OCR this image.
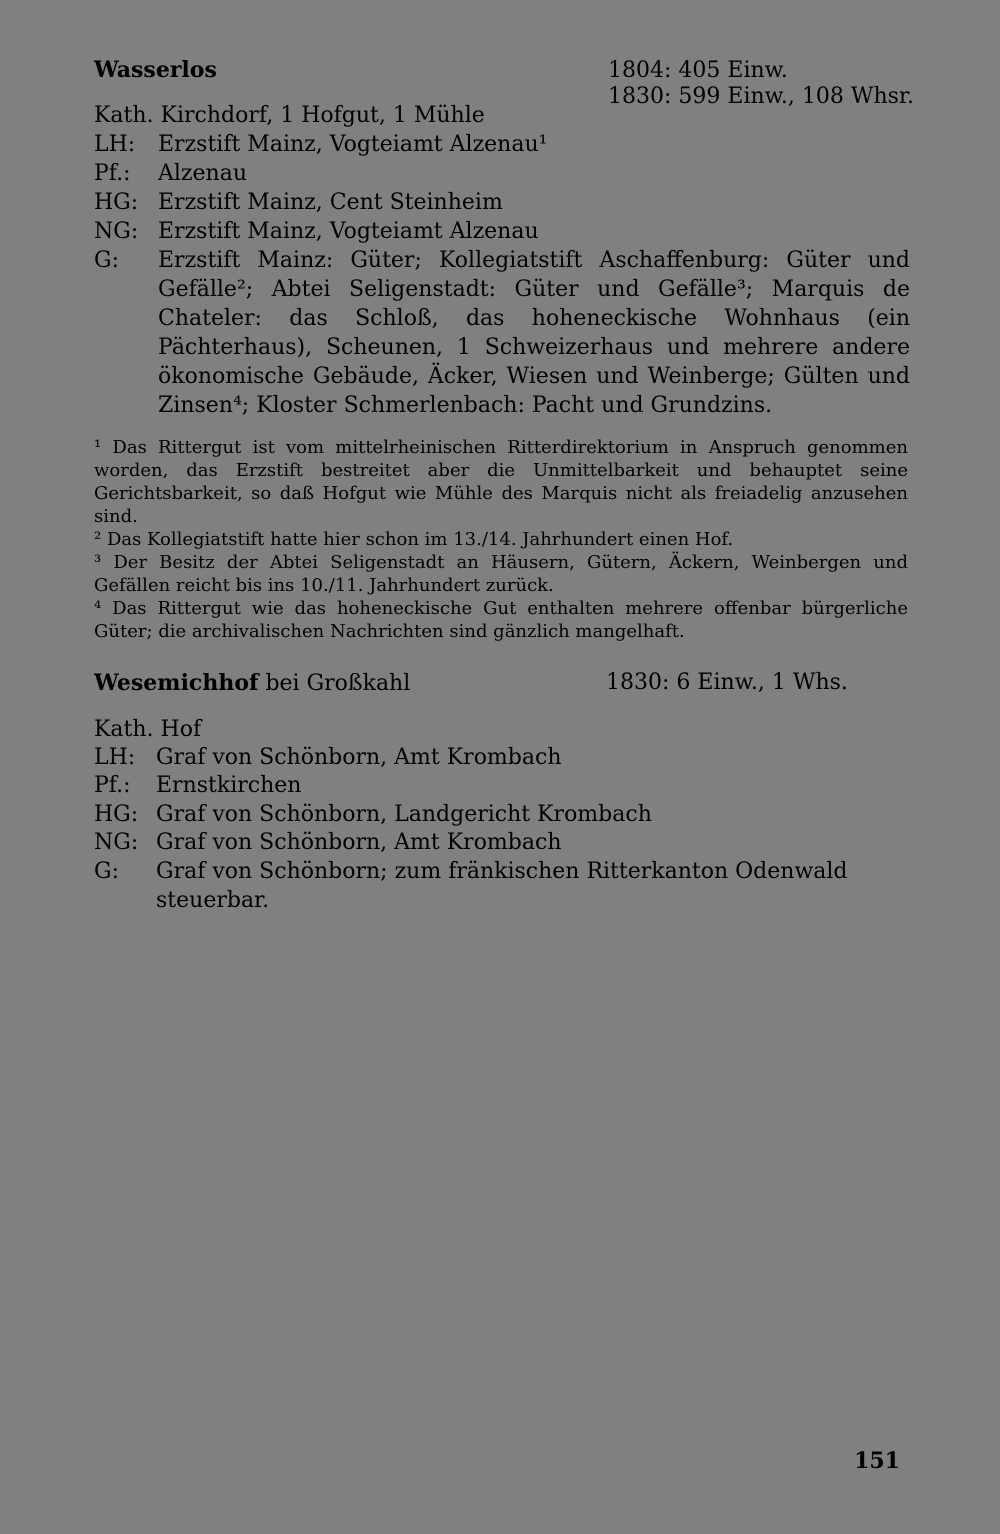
Wasserlos	1804: 405 Einw.
1830: 599 Einw., 108 Whsr.
Kath. Kirchdorf, 1 Hofgut, 1 Mühle
LH: Erzstift Mainz, Vogteiamt Alzenau¹
Pf.: Alzenau
HG: Erzstift Mainz, Cent Steinheim
NG: Erzstift Mainz, Vogteiamt Alzenau
G: Erzstift Mainz: Güter; Kollegiatstift Aschaffenburg: Güter und Gefälle²; Abtei Seligenstadt: Güter und Gefälle³; Marquis de Chateler: das Schloß, das hoheneckische Wohnhaus (ein Pächterhaus), Scheunen, 1 Schweizerhaus und mehrere andere ökonomische Gebäude, Äcker, Wiesen und Weinberge; Gülten und Zinsen⁴; Kloster Schmerlenbach: Pacht und Grundzins.
¹ Das Rittergut ist vom mittelrheinischen Ritterdirektorium in Anspruch genommen worden, das Erzstift bestreitet aber die Unmittelbarkeit und behauptet seine Gerichtsbarkeit, so daß Hofgut wie Mühle des Marquis nicht als freiadelig anzusehen sind.
² Das Kollegiatstift hatte hier schon im 13./14. Jahrhundert einen Hof.
³ Der Besitz der Abtei Seligenstadt an Häusern, Gütern, Äckern, Weinbergen und Gefällen reicht bis ins 10./11. Jahrhundert zurück.
⁴ Das Rittergut wie das hoheneckische Gut enthalten mehrere offenbar bürgerliche Güter; die archivalischen Nachrichten sind gänzlich mangelhaft.
Wesemichhof bei Großkahl	1830: 6 Einw., 1 Whs.
Kath. Hof
LH: Graf von Schönborn, Amt Krombach
Pf.: Ernstkirchen
HG: Graf von Schönborn, Landgericht Krombach
NG: Graf von Schönborn, Amt Krombach
G: Graf von Schönborn; zum fränkischen Ritterkanton Odenwald steuerbar.
151
